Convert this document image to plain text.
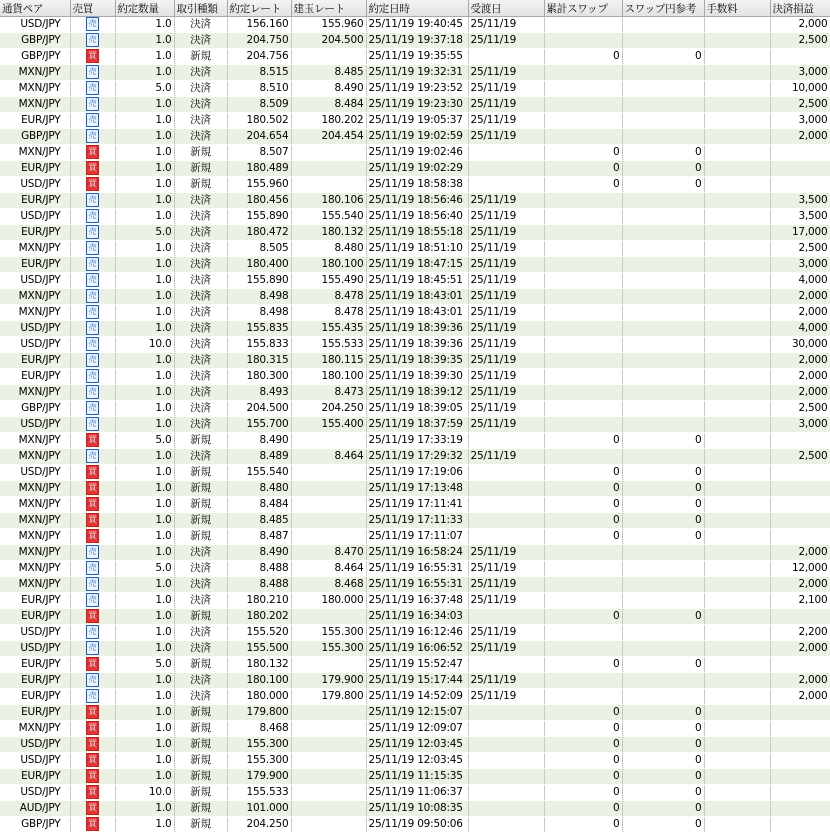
通貨ペア	売買	約定数量	取引種類	約定レート	建玉レート	約定日時	受渡日	累計スワップ	スワップ円参考	手数料	決済損益
USD/JPY	売	1.0	決済	156.160	155.960	25/11/19 19:40:45	25/11/19				2,000
GBP/JPY	売	1.0	決済	204.750	204.500	25/11/19 19:37:18	25/11/19				2,500
GBP/JPY	買	1.0	新規	204.756		25/11/19 19:35:55		0	0		
MXN/JPY	売	1.0	決済	8.515	8.485	25/11/19 19:32:31	25/11/19				3,000
MXN/JPY	売	5.0	決済	8.510	8.490	25/11/19 19:23:52	25/11/19				10,000
MXN/JPY	売	1.0	決済	8.509	8.484	25/11/19 19:23:30	25/11/19				2,500
EUR/JPY	売	1.0	決済	180.502	180.202	25/11/19 19:05:37	25/11/19				3,000
GBP/JPY	売	1.0	決済	204.654	204.454	25/11/19 19:02:59	25/11/19				2,000
MXN/JPY	買	1.0	新規	8.507		25/11/19 19:02:46		0	0		
EUR/JPY	買	1.0	新規	180.489		25/11/19 19:02:29		0	0		
USD/JPY	買	1.0	新規	155.960		25/11/19 18:58:38		0	0		
EUR/JPY	売	1.0	決済	180.456	180.106	25/11/19 18:56:46	25/11/19				3,500
USD/JPY	売	1.0	決済	155.890	155.540	25/11/19 18:56:40	25/11/19				3,500
EUR/JPY	売	5.0	決済	180.472	180.132	25/11/19 18:55:18	25/11/19				17,000
MXN/JPY	売	1.0	決済	8.505	8.480	25/11/19 18:51:10	25/11/19				2,500
EUR/JPY	売	1.0	決済	180.400	180.100	25/11/19 18:47:15	25/11/19				3,000
USD/JPY	売	1.0	決済	155.890	155.490	25/11/19 18:45:51	25/11/19				4,000
MXN/JPY	売	1.0	決済	8.498	8.478	25/11/19 18:43:01	25/11/19				2,000
MXN/JPY	売	1.0	決済	8.498	8.478	25/11/19 18:43:01	25/11/19				2,000
USD/JPY	売	1.0	決済	155.835	155.435	25/11/19 18:39:36	25/11/19				4,000
USD/JPY	売	10.0	決済	155.833	155.533	25/11/19 18:39:36	25/11/19				30,000
EUR/JPY	売	1.0	決済	180.315	180.115	25/11/19 18:39:35	25/11/19				2,000
EUR/JPY	売	1.0	決済	180.300	180.100	25/11/19 18:39:30	25/11/19				2,000
MXN/JPY	売	1.0	決済	8.493	8.473	25/11/19 18:39:12	25/11/19				2,000
GBP/JPY	売	1.0	決済	204.500	204.250	25/11/19 18:39:05	25/11/19				2,500
USD/JPY	売	1.0	決済	155.700	155.400	25/11/19 18:37:59	25/11/19				3,000
MXN/JPY	買	5.0	新規	8.490		25/11/19 17:33:19		0	0		
MXN/JPY	売	1.0	決済	8.489	8.464	25/11/19 17:29:32	25/11/19				2,500
USD/JPY	買	1.0	新規	155.540		25/11/19 17:19:06		0	0		
MXN/JPY	買	1.0	新規	8.480		25/11/19 17:13:48		0	0		
MXN/JPY	買	1.0	新規	8.484		25/11/19 17:11:41		0	0		
MXN/JPY	買	1.0	新規	8.485		25/11/19 17:11:33		0	0		
MXN/JPY	買	1.0	新規	8.487		25/11/19 17:11:07		0	0		
MXN/JPY	売	1.0	決済	8.490	8.470	25/11/19 16:58:24	25/11/19				2,000
MXN/JPY	売	5.0	決済	8.488	8.464	25/11/19 16:55:31	25/11/19				12,000
MXN/JPY	売	1.0	決済	8.488	8.468	25/11/19 16:55:31	25/11/19				2,000
EUR/JPY	売	1.0	決済	180.210	180.000	25/11/19 16:37:48	25/11/19				2,100
EUR/JPY	買	1.0	新規	180.202		25/11/19 16:34:03		0	0		
USD/JPY	売	1.0	決済	155.520	155.300	25/11/19 16:12:46	25/11/19				2,200
USD/JPY	売	1.0	決済	155.500	155.300	25/11/19 16:06:52	25/11/19				2,000
EUR/JPY	買	5.0	新規	180.132		25/11/19 15:52:47		0	0		
EUR/JPY	売	1.0	決済	180.100	179.900	25/11/19 15:17:44	25/11/19				2,000
EUR/JPY	売	1.0	決済	180.000	179.800	25/11/19 14:52:09	25/11/19				2,000
EUR/JPY	買	1.0	新規	179.800		25/11/19 12:15:07		0	0		
MXN/JPY	買	1.0	新規	8.468		25/11/19 12:09:07		0	0		
USD/JPY	買	1.0	新規	155.300		25/11/19 12:03:45		0	0		
USD/JPY	買	1.0	新規	155.300		25/11/19 12:03:45		0	0		
EUR/JPY	買	1.0	新規	179.900		25/11/19 11:15:35		0	0		
USD/JPY	買	10.0	新規	155.533		25/11/19 11:06:37		0	0		
AUD/JPY	買	1.0	新規	101.000		25/11/19 10:08:35		0	0		
GBP/JPY	買	1.0	新規	204.250		25/11/19 09:50:06		0	0		
